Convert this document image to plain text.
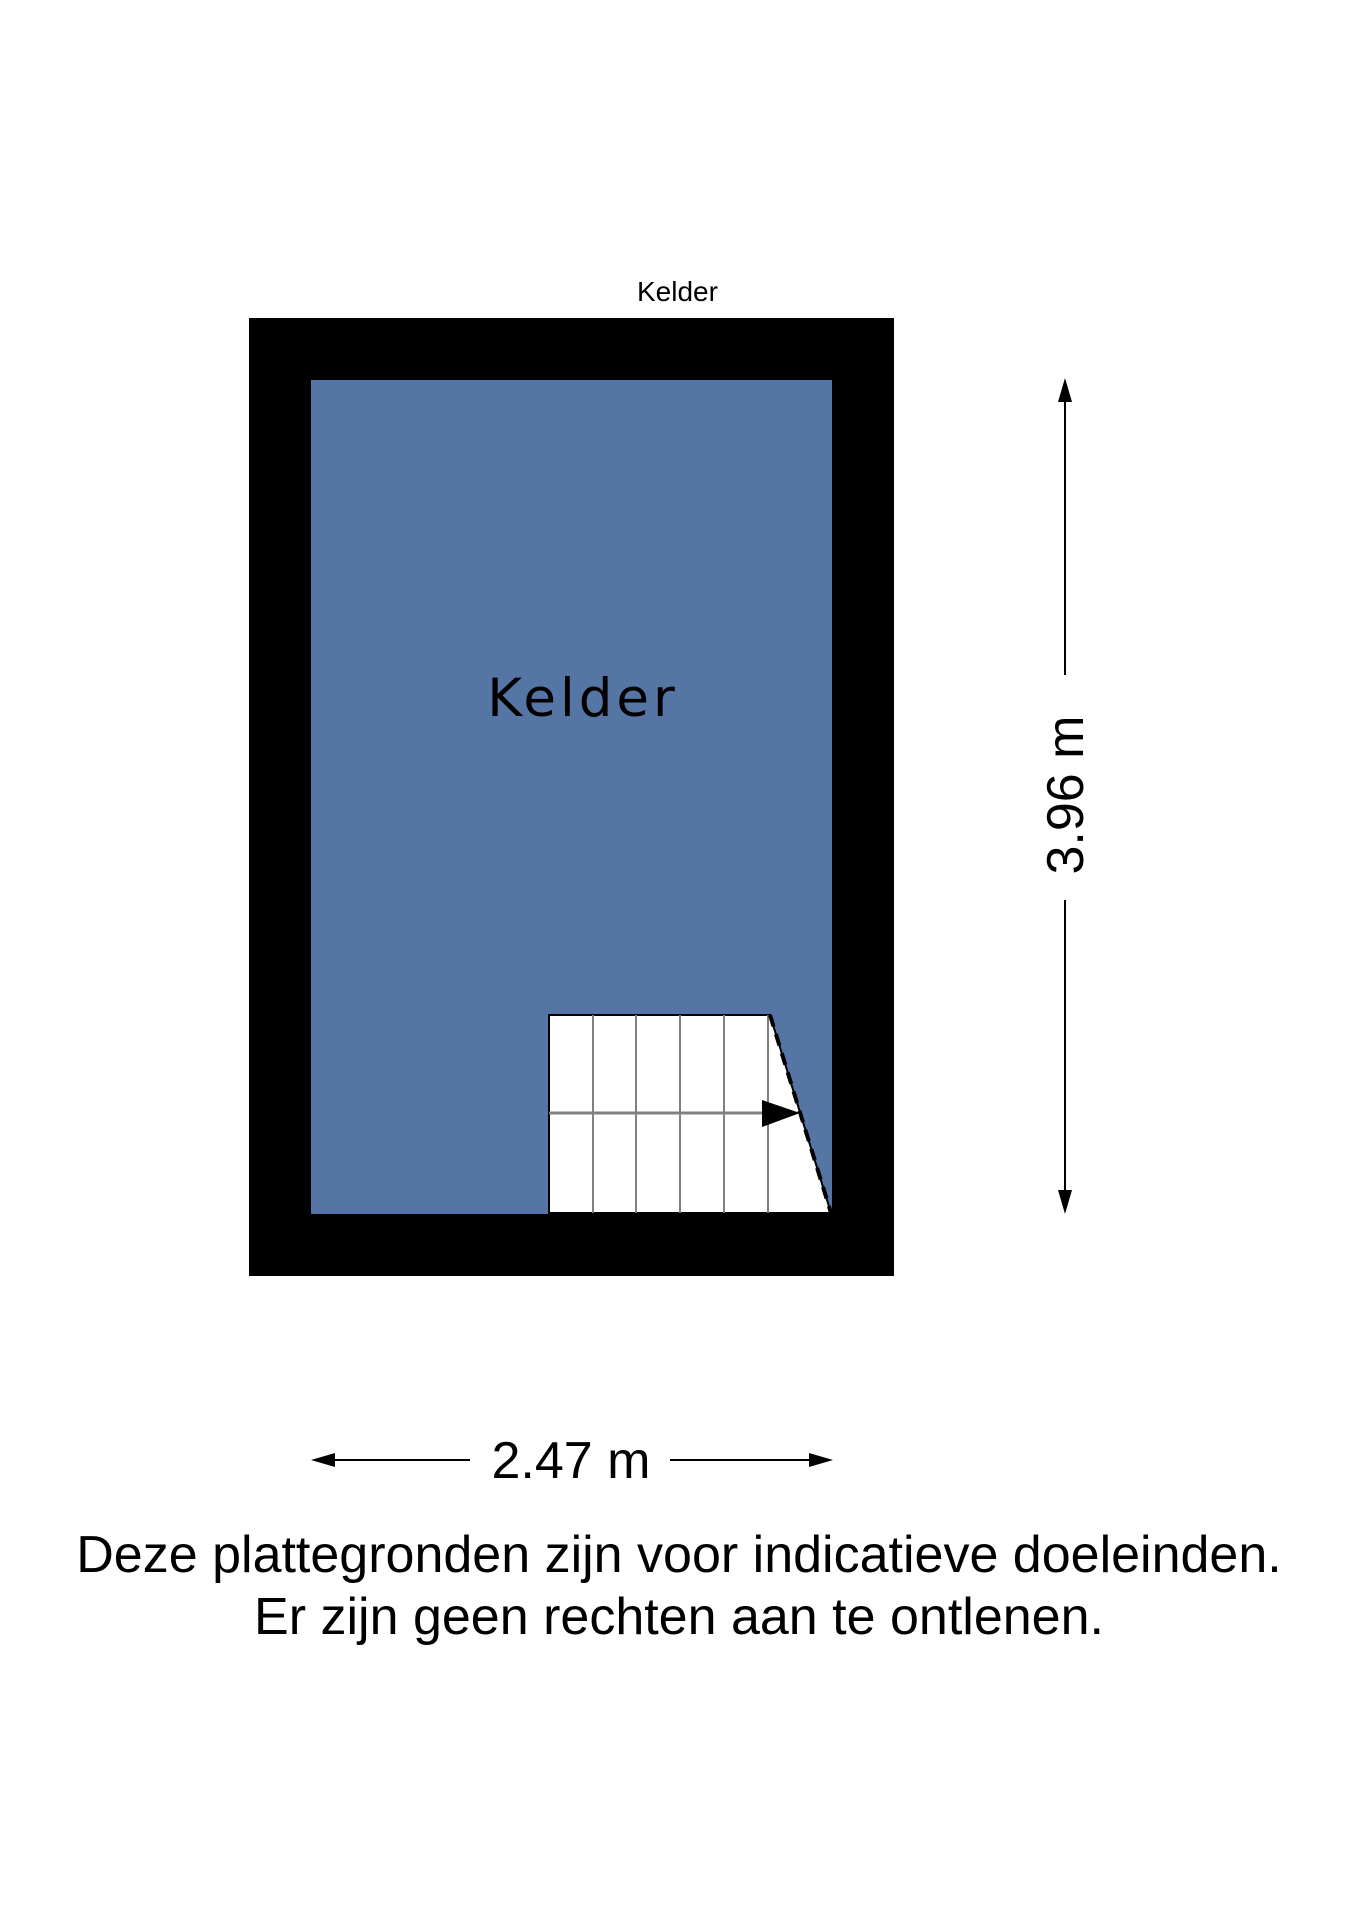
Kelder
Kelder
3.96 m
2.47 m
Deze plattegronden zijn voor indicatieve doeleinden.
Er zijn geen rechten aan te ontlenen.
